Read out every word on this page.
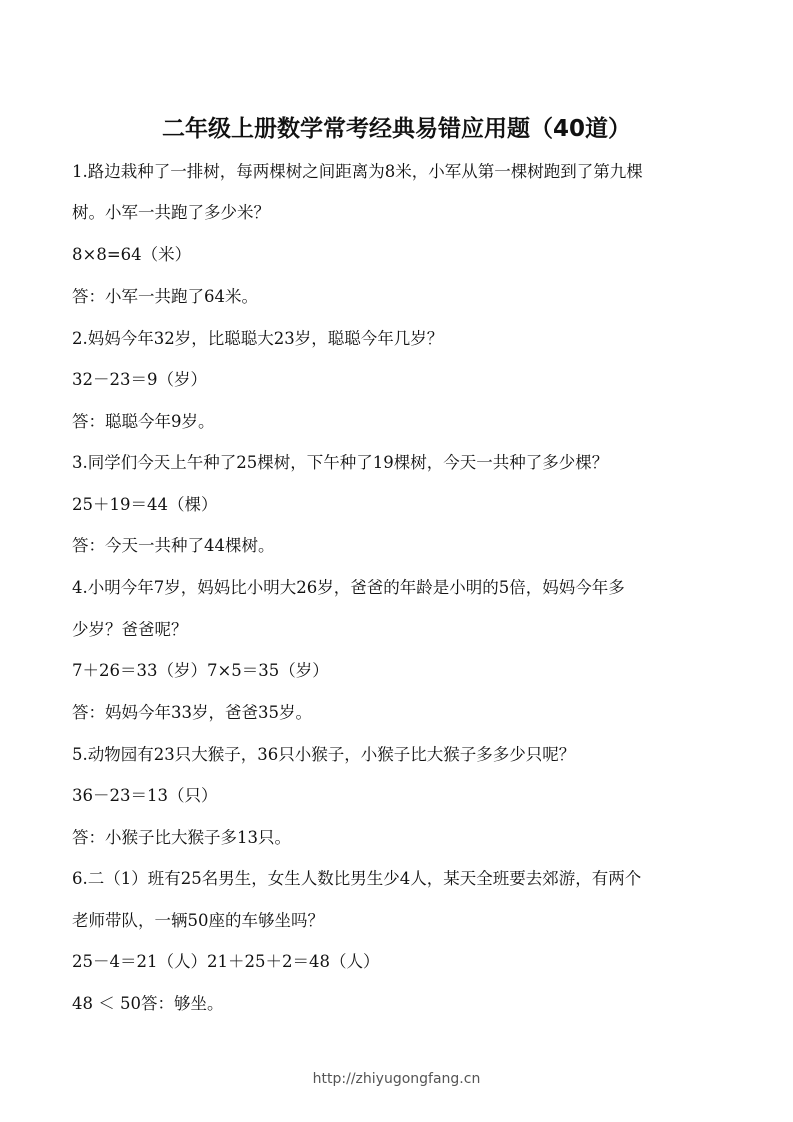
二年级上册数学常考经典易错应用题（40道）
1.路边栽种了一排树，每两棵树之间距离为8米，小军从第一棵树跑到了第九棵
树。小军一共跑了多少米？
8×8=64（米）
答：小军一共跑了64米。
2.妈妈今年32岁，比聪聪大23岁，聪聪今年几岁？
32－23＝9（岁）
答：聪聪今年9岁。
3.同学们今天上午种了25棵树，下午种了19棵树，今天一共种了多少棵？
25＋19＝44（棵）
答：今天一共种了44棵树。
4.小明今年7岁，妈妈比小明大26岁，爸爸的年龄是小明的5倍，妈妈今年多
少岁？爸爸呢？
7＋26＝33（岁）7×5＝35（岁）
答：妈妈今年33岁，爸爸35岁。
5.动物园有23只大猴子，36只小猴子，小猴子比大猴子多多少只呢？
36－23＝13（只）
答：小猴子比大猴子多13只。
6.二（1）班有25名男生，女生人数比男生少4人，某天全班要去郊游，有两个
老师带队，一辆50座的车够坐吗？
25－4＝21（人）21＋25＋2＝48（人）
48 ＜ 50答：够坐。
http://zhiyugongfang.cn
